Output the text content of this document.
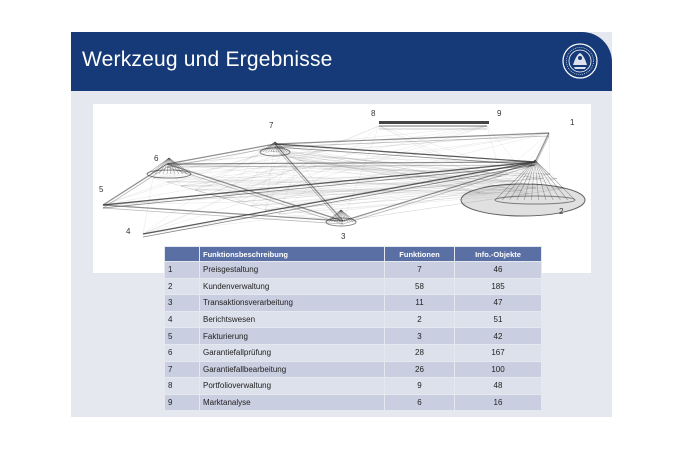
Werkzeug und Ergebnisse
1
2
3
4
5
6
7
8	9
	Funktionsbeschreibung	Funktionen	Info.-Objekte
1	Preisgestaltung	7	46
2	Kundenverwaltung	58	185
3	Transaktionsverarbeitung	11	47
4	Berichtswesen	2	51
5	Fakturierung	3	42
6	Garantiefallprüfung	28	167
7	Garantiefallbearbeitung	26	100
8	Portfolioverwaltung	9	48
9	Marktanalyse	6	16
